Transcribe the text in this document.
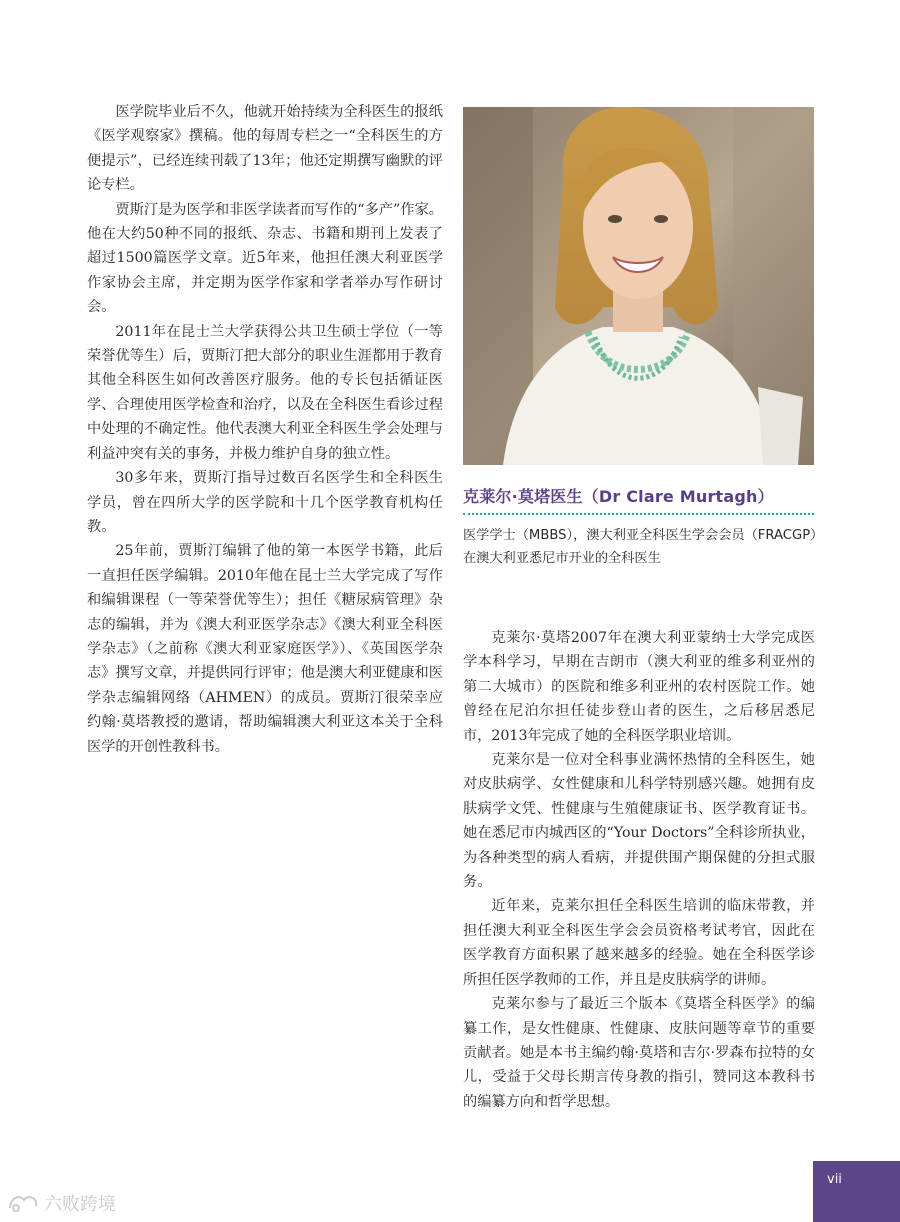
医学院毕业后不久，他就开始持续为全科医生的报纸《医学观察家》撰稿。他的每周专栏之一“全科医生的方便提示”，已经连续刊载了13年；他还定期撰写幽默的评论专栏。

贾斯汀是为医学和非医学读者而写作的“多产”作家。他在大约50种不同的报纸、杂志、书籍和期刊上发表了超过1500篇医学文章。近5年来，他担任澳大利亚医学作家协会主席，并定期为医学作家和学者举办写作研讨会。

2011年在昆士兰大学获得公共卫生硕士学位（一等荣誉优等生）后，贾斯汀把大部分的职业生涯都用于教育其他全科医生如何改善医疗服务。他的专长包括循证医学、合理使用医学检查和治疗，以及在全科医生看诊过程中处理的不确定性。他代表澳大利亚全科医生学会处理与利益冲突有关的事务，并极力维护自身的独立性。

30多年来，贾斯汀指导过数百名医学生和全科医生学员，曾在四所大学的医学院和十几个医学教育机构任教。

25年前，贾斯汀编辑了他的第一本医学书籍，此后一直担任医学编辑。2010年他在昆士兰大学完成了写作和编辑课程（一等荣誉优等生）；担任《糖尿病管理》杂志的编辑，并为《澳大利亚医学杂志》《澳大利亚全科医学杂志》（之前称《澳大利亚家庭医学》）、《英国医学杂志》撰写文章，并提供同行评审；他是澳大利亚健康和医学杂志编辑网络（AHMEN）的成员。贾斯汀很荣幸应约翰·莫塔教授的邀请，帮助编辑澳大利亚这本关于全科医学的开创性教科书。

克莱尔·莫塔医生（Dr Clare Murtagh）
医学学士（MBBS），澳大利亚全科医生学会会员（FRACGP）
在澳大利亚悉尼市开业的全科医生

克莱尔·莫塔2007年在澳大利亚蒙纳士大学完成医学本科学习，早期在吉朗市（澳大利亚的维多利亚州的第二大城市）的医院和维多利亚州的农村医院工作。她曾经在尼泊尔担任徒步登山者的医生，之后移居悉尼市，2013年完成了她的全科医学职业培训。

克莱尔是一位对全科事业满怀热情的全科医生，她对皮肤病学、女性健康和儿科学特别感兴趣。她拥有皮肤病学文凭、性健康与生殖健康证书、医学教育证书。她在悉尼市内城西区的“Your Doctors”全科诊所执业，为各种类型的病人看病，并提供围产期保健的分担式服务。

近年来，克莱尔担任全科医生培训的临床带教，并担任澳大利亚全科医生学会会员资格考试考官，因此在医学教育方面积累了越来越多的经验。她在全科医学诊所担任医学教师的工作，并且是皮肤病学的讲师。

克莱尔参与了最近三个版本《莫塔全科医学》的编纂工作，是女性健康、性健康、皮肤问题等章节的重要贡献者。她是本书主编约翰·莫塔和吉尔·罗森布拉特的女儿，受益于父母长期言传身教的指引，赞同这本教科书的编纂方向和哲学思想。

vii
六败跨境
